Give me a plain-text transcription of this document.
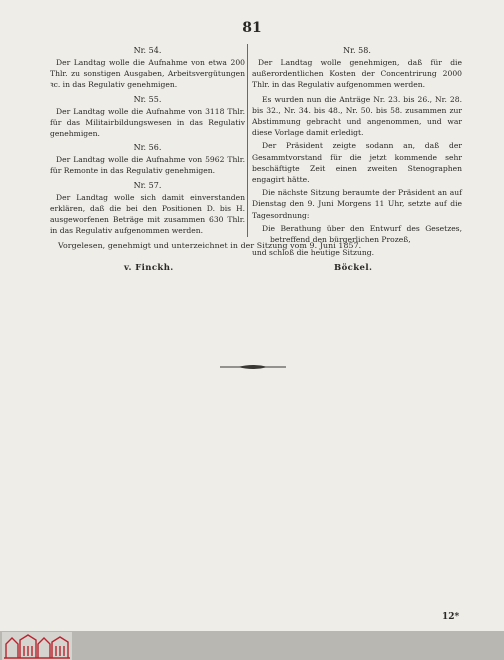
81
Nr. 54.
Der Landtag wolle die Aufnahme von etwa 200 Thlr. zu sonstigen Ausgaben, Arbeitsvergütungen ꝛc. in das Regulativ genehmigen.
Nr. 55.
Der Landtag wolle die Aufnahme von 3118 Thlr. für das Militairbildungswesen in das Regulativ genehmigen.
Nr. 56.
Der Landtag wolle die Aufnahme von 5962 Thlr. für Remonte in das Regulativ genehmigen.
Nr. 57.
Der Landtag wolle sich damit einverstanden erklären, daß die bei den Positionen D. bis H. ausgeworfenen Beträge mit zusammen 630 Thlr. in das Regulativ aufgenommen werden.
Nr. 58.
Der Landtag wolle genehmigen, daß für die außerordentlichen Kosten der Concentrirung 2000 Thlr. in das Regulativ aufgenommen werden.
Es wurden nun die Anträge Nr. 23. bis 26., Nr. 28. bis 32., Nr. 34. bis 48., Nr. 50. bis 58. zusammen zur Abstimmung gebracht und angenommen, und war diese Vorlage damit erledigt.
Der Präsident zeigte sodann an, daß der Gesammtvorstand für die jetzt kommende sehr beschäftigte Zeit einen zweiten Stenographen engagirt hätte.
Die nächste Sitzung beraumte der Präsident an auf Dienstag den 9. Juni Morgens 11 Uhr, setzte auf die Tagesordnung:
Die Berathung über den Entwurf des Gesetzes, betreffend den bürgerlichen Prozeß,
und schloß die heutige Sitzung.
Vorgelesen, genehmigt und unterzeichnet in der Sitzung vom 9. Juni 1857.
v. Finckh.	Böckel.
12*
